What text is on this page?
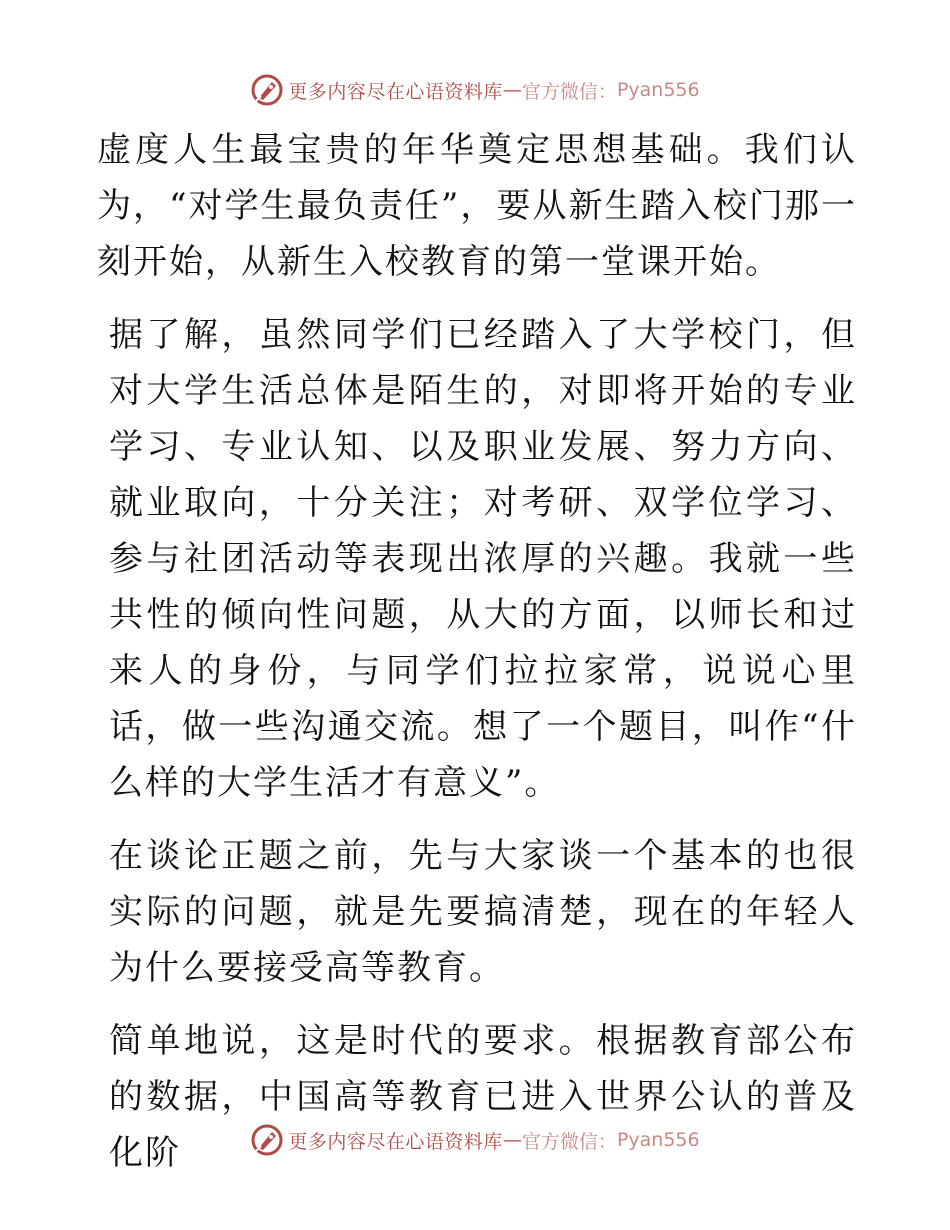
更多内容尽在心语资料库 — 官方微信： Pyan556

虚度人生最宝贵的年华奠定思想基础。我们认为，“对学生最负责任”，要从新生踏入校门那一刻开始，从新生入校教育的第一堂课开始。

据了解，虽然同学们已经踏入了大学校门，但对大学生活总体是陌生的，对即将开始的专业学习、专业认知、以及职业发展、努力方向、就业取向，十分关注；对考研、双学位学习、参与社团活动等表现出浓厚的兴趣。我就一些共性的倾向性问题，从大的方面，以师长和过来人的身份，与同学们拉拉家常，说说心里话，做一些沟通交流。想了一个题目，叫作“什么样的大学生活才有意义”。

在谈论正题之前，先与大家谈一个基本的也很实际的问题，就是先要搞清楚，现在的年轻人为什么要接受高等教育。

简单地说，这是时代的要求。根据教育部公布的数据，中国高等教育已进入世界公认的普及化阶	更多内容尽在心语资料库 — 官方微信： Pyan556
